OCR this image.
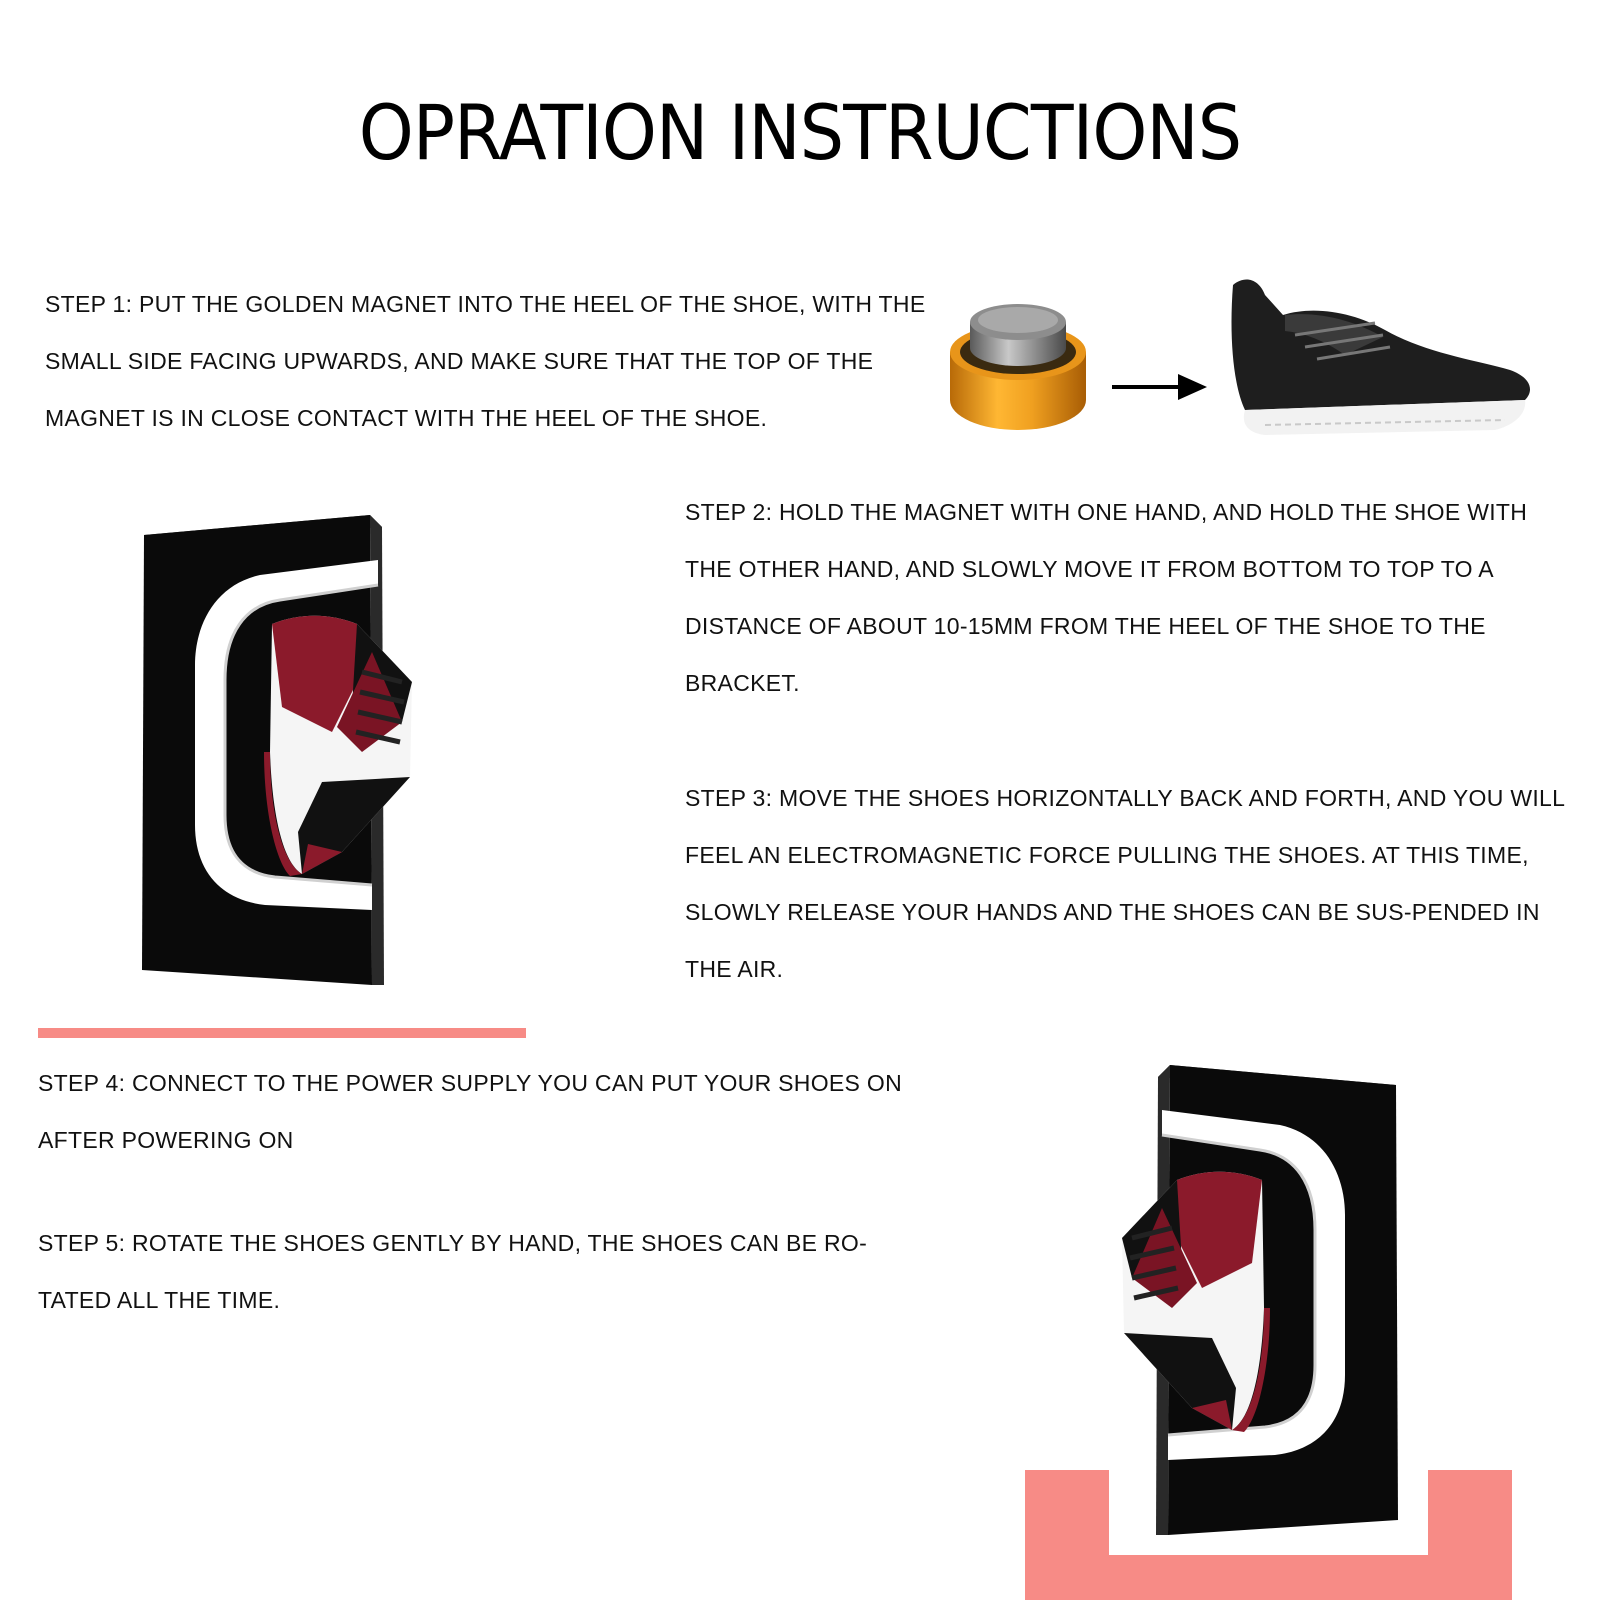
OPRATION INSTRUCTIONS

STEP 1: PUT THE GOLDEN MAGNET INTO THE HEEL OF THE SHOE, WITH THE SMALL SIDE FACING UPWARDS, AND MAKE SURE THAT THE TOP OF THE MAGNET IS IN CLOSE CONTACT WITH THE HEEL OF THE SHOE.

STEP 2: HOLD THE MAGNET WITH ONE HAND, AND HOLD THE SHOE WITH THE OTHER HAND, AND SLOWLY MOVE IT FROM BOTTOM TO TOP TO A DISTANCE OF ABOUT 10-15MM FROM THE HEEL OF THE SHOE TO THE BRACKET.

STEP 3: MOVE THE SHOES HORIZONTALLY BACK AND FORTH, AND YOU WILL FEEL AN ELECTROMAGNETIC FORCE PULLING THE SHOES. AT THIS TIME, SLOWLY RELEASE YOUR HANDS AND THE SHOES CAN BE SUS-PENDED IN THE AIR.

STEP 4: CONNECT TO THE POWER SUPPLY YOU CAN PUT YOUR SHOES ON AFTER POWERING ON

STEP 5: ROTATE THE SHOES GENTLY BY HAND, THE SHOES CAN BE RO-TATED ALL THE TIME.
